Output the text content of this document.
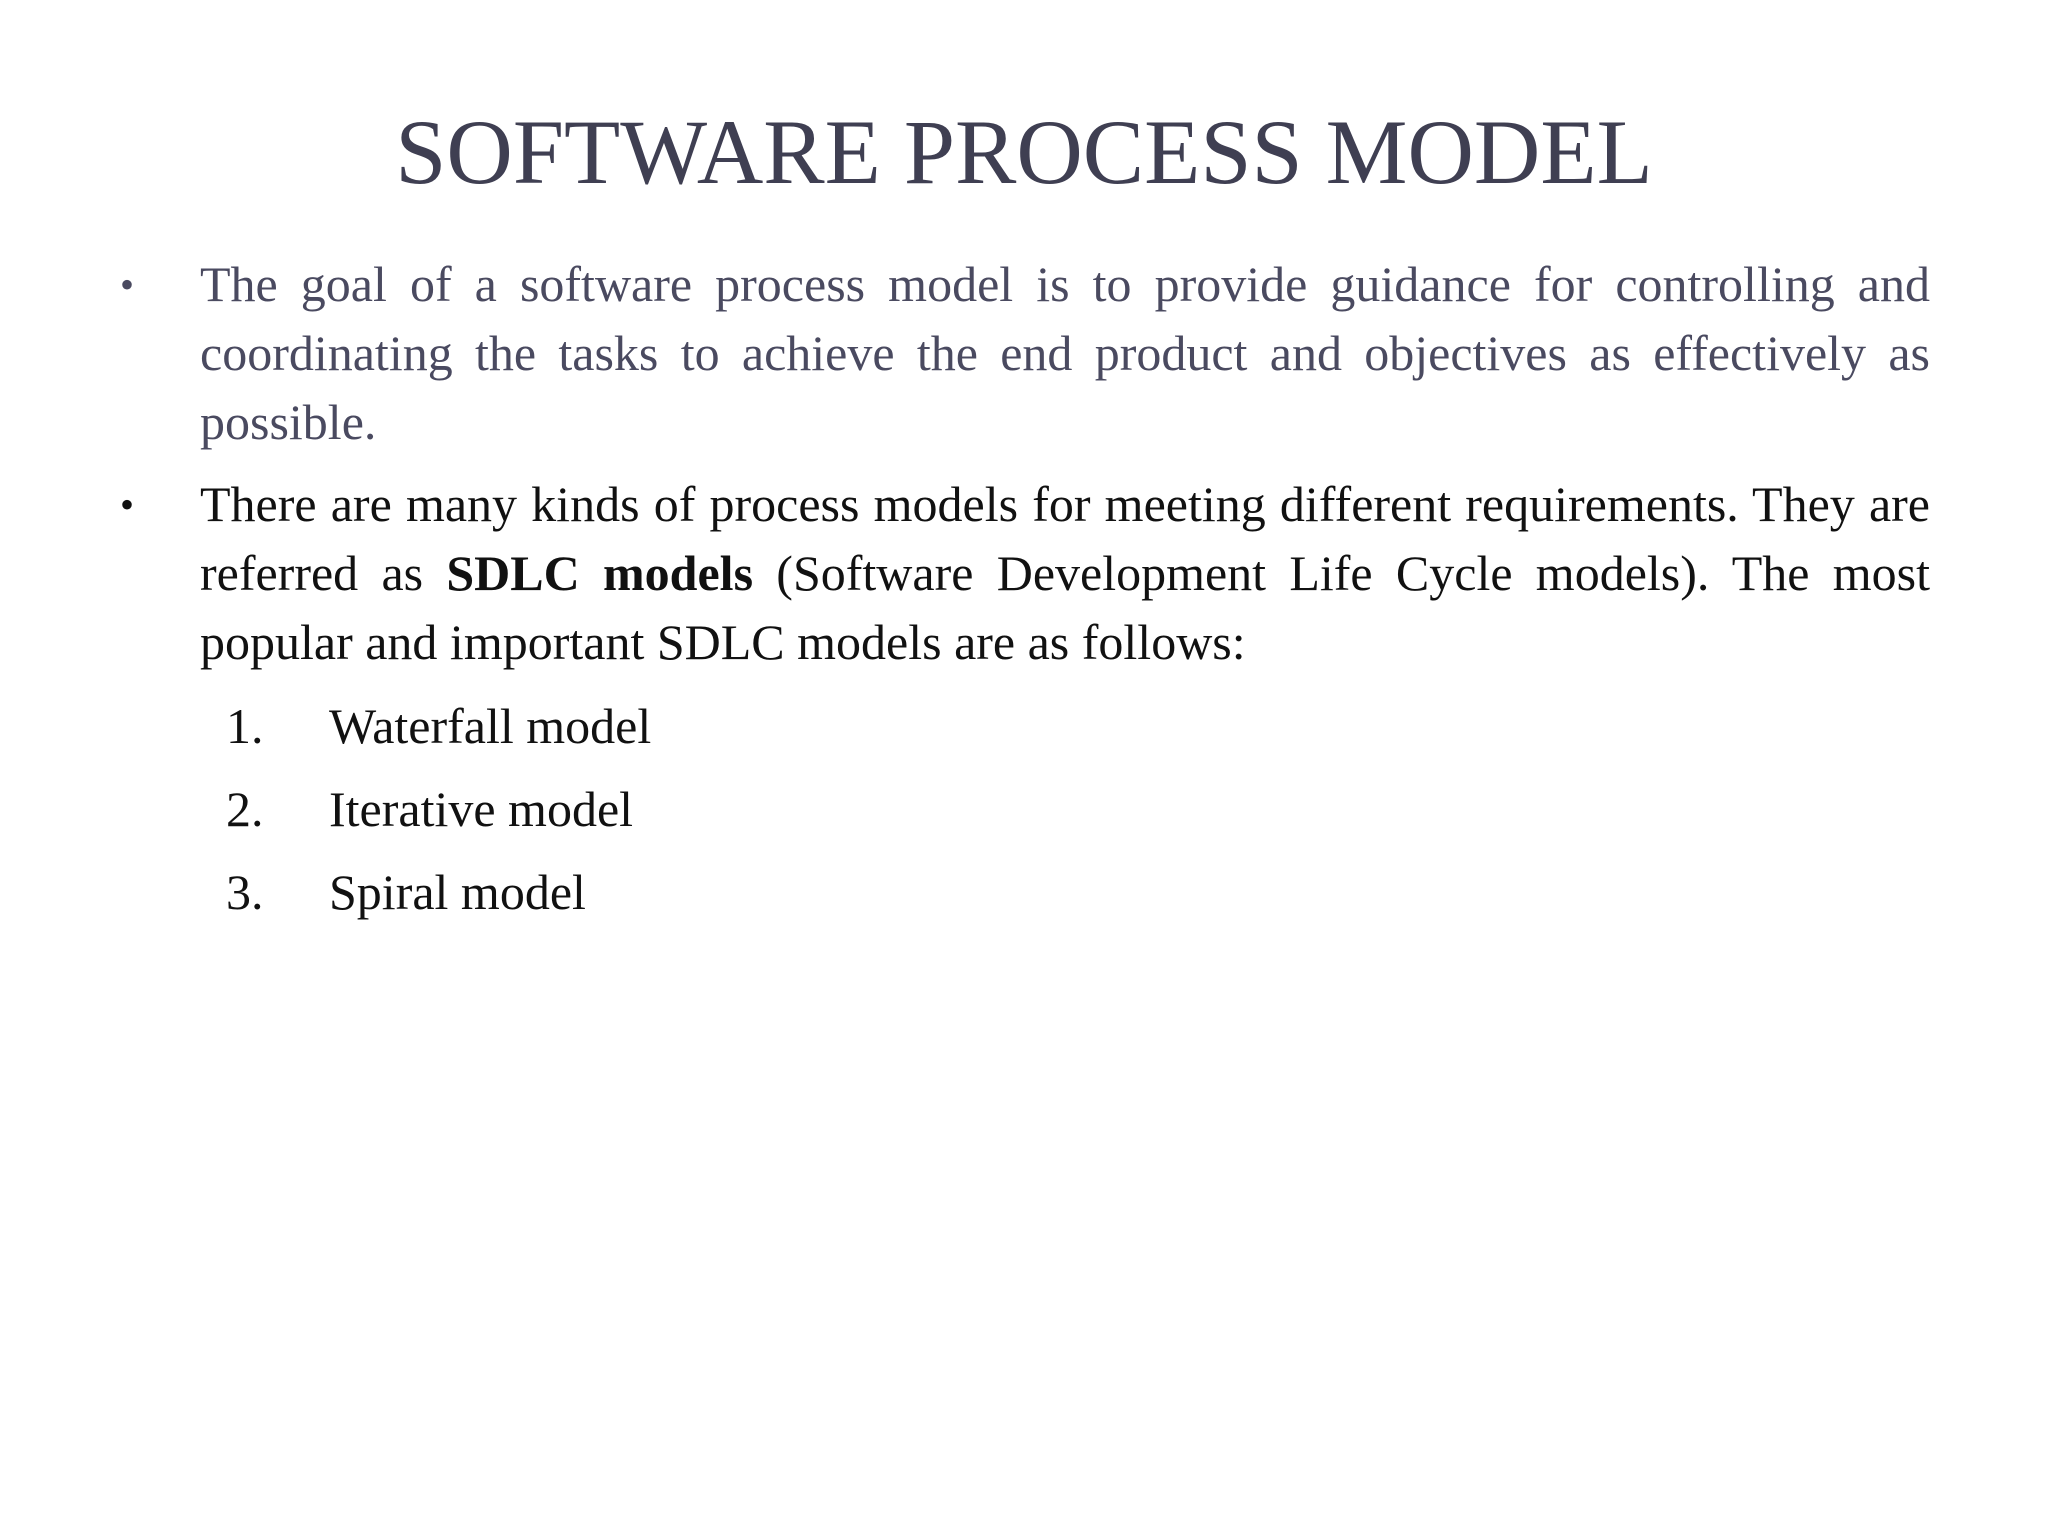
SOFTWARE PROCESS MODEL
•	The goal of a software process model is to provide guidance for controlling and coordinating the tasks to achieve the end product and objectives as effectively as possible.
•	There are many kinds of process models for meeting different requirements. They are referred as SDLC models (Software Development Life Cycle models). The most popular and important SDLC models are as follows:
1. Waterfall model
2. Iterative model
3. Spiral model
